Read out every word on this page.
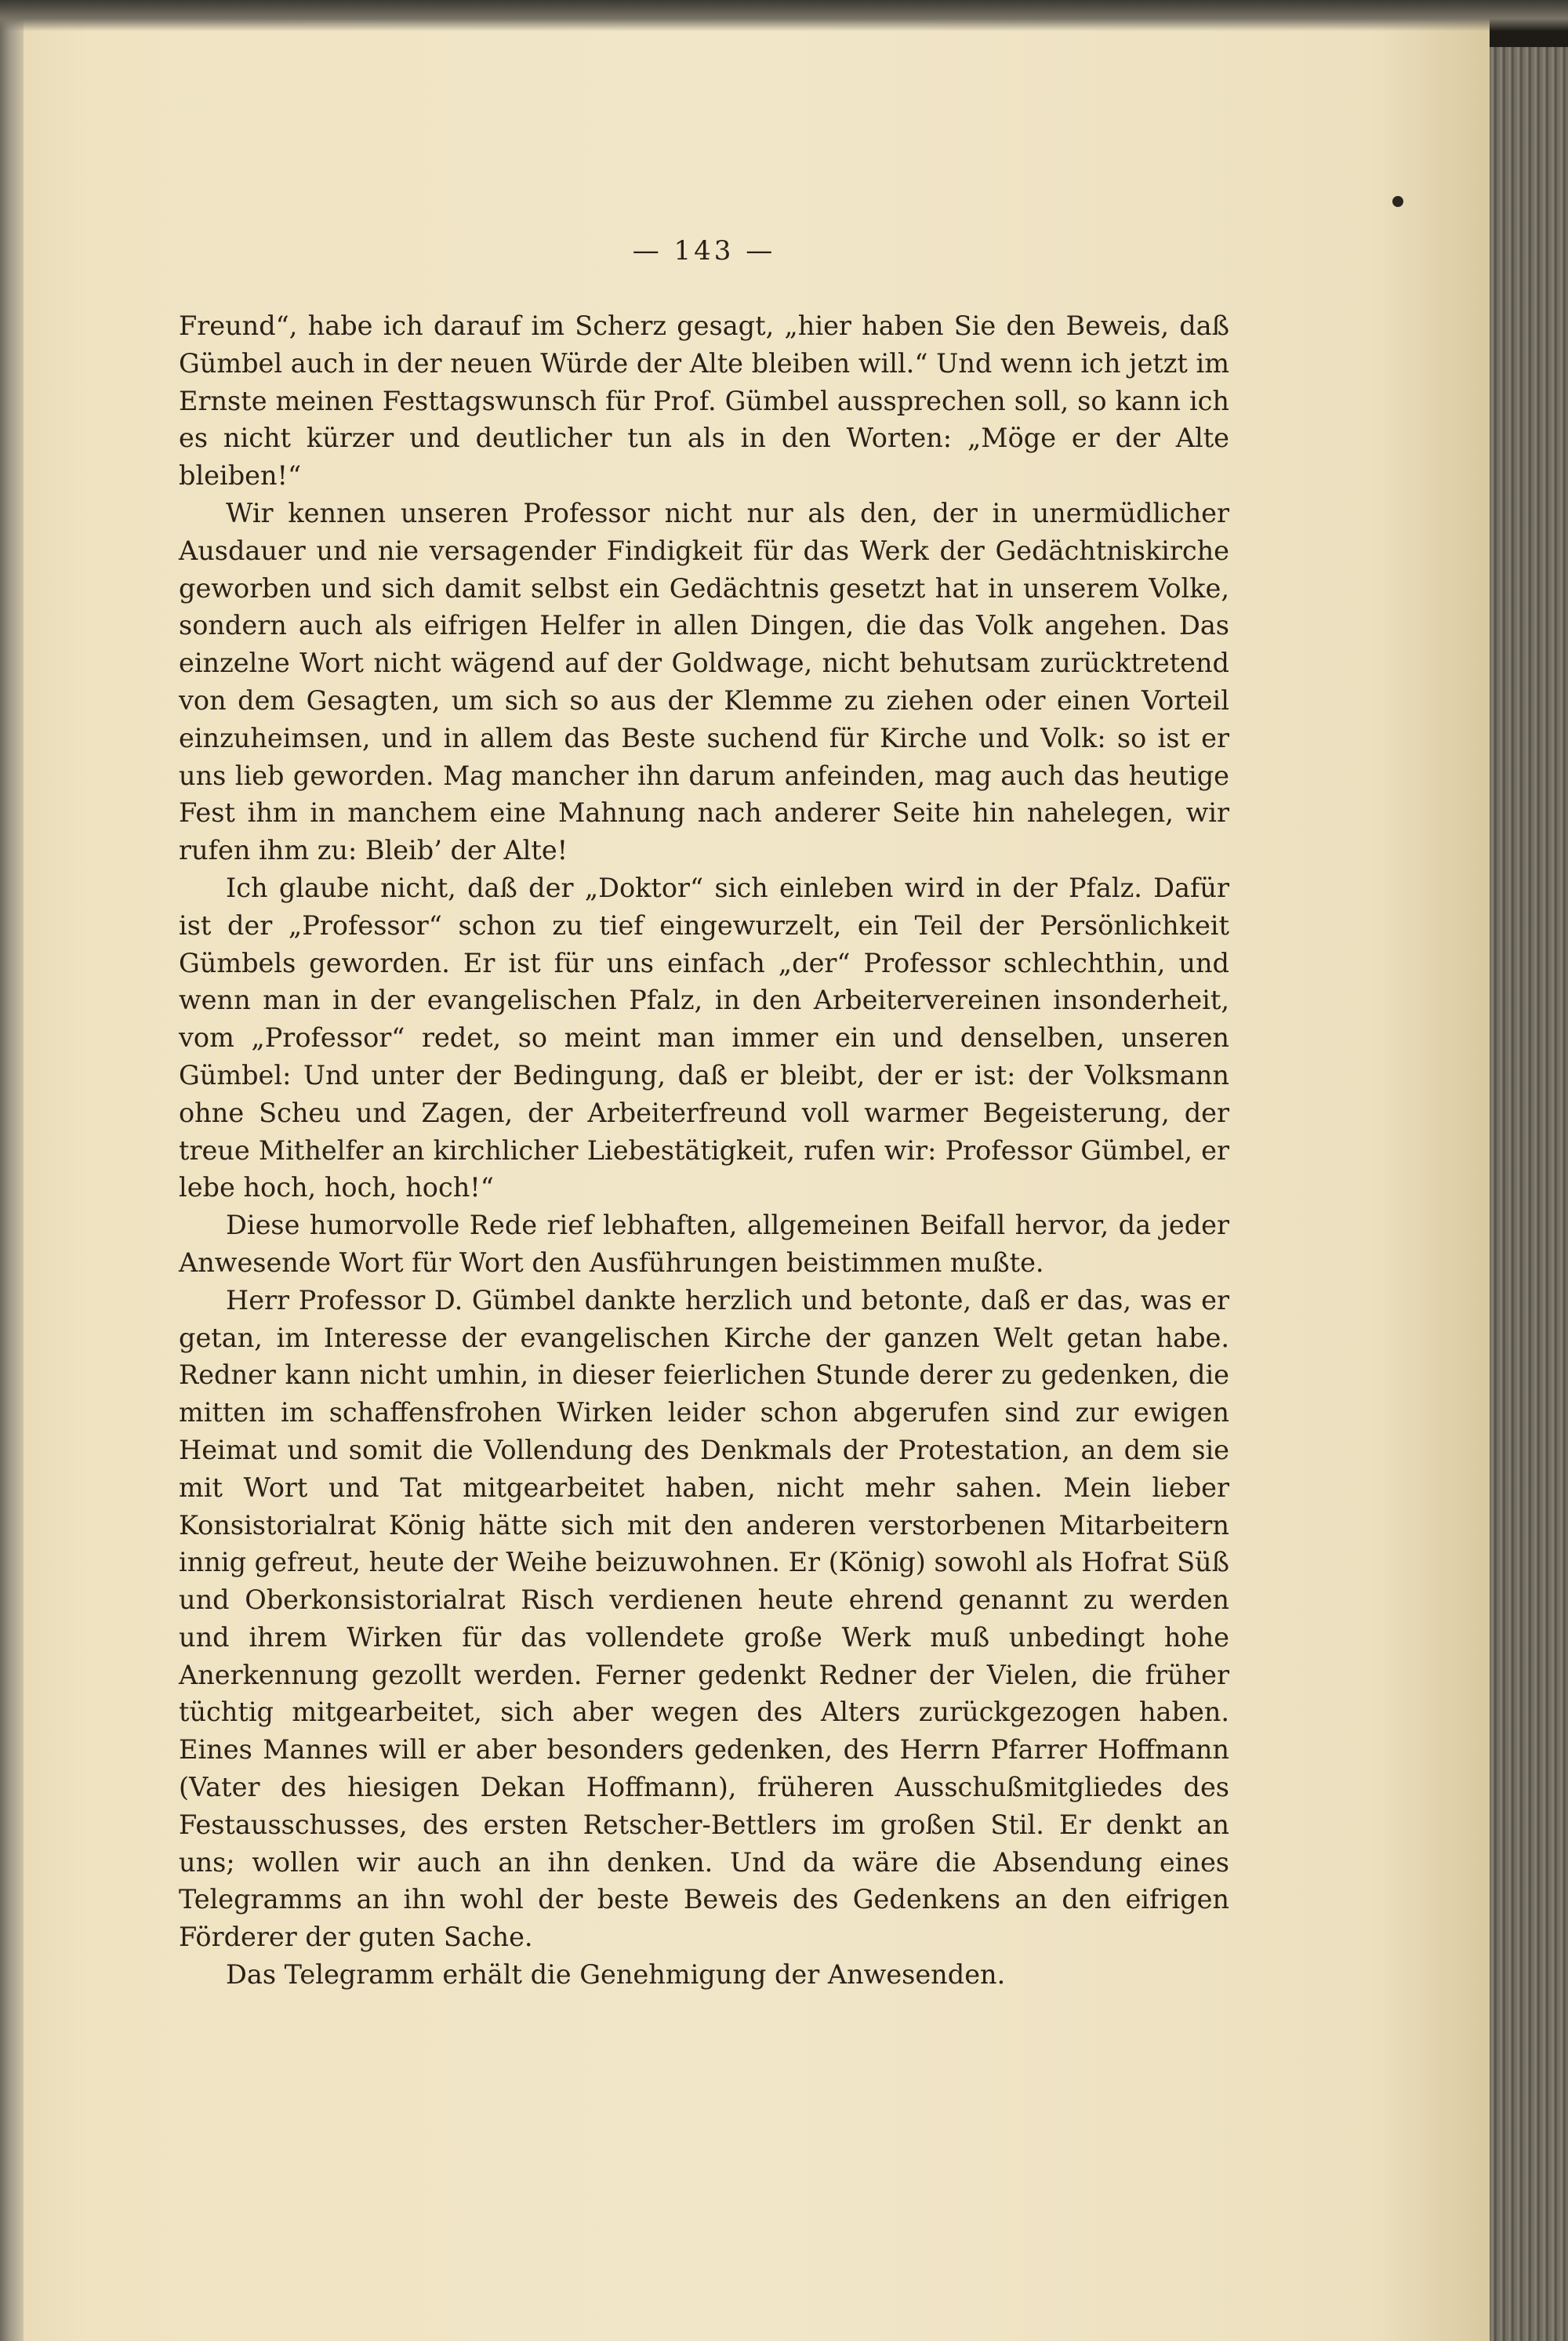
— 143 —

Freund“, habe ich darauf im Scherz gesagt, „hier haben Sie den Beweis, daß Gümbel auch in der neuen Würde der Alte bleiben will.“ Und wenn ich jetzt im Ernste meinen Festtagswunsch für Prof. Gümbel aussprechen soll, so kann ich es nicht kürzer und deutlicher tun als in den Worten: „Möge er der Alte bleiben!“

Wir kennen unseren Professor nicht nur als den, der in unermüdlicher Ausdauer und nie versagender Findigkeit für das Werk der Gedächtniskirche geworben und sich damit selbst ein Gedächtnis gesetzt hat in unserem Volke, sondern auch als eifrigen Helfer in allen Dingen, die das Volk angehen. Das einzelne Wort nicht wägend auf der Goldwage, nicht behutsam zurücktretend von dem Gesagten, um sich so aus der Klemme zu ziehen oder einen Vorteil einzuheimsen, und in allem das Beste suchend für Kirche und Volk: so ist er uns lieb geworden. Mag mancher ihn darum anfeinden, mag auch das heutige Fest ihm in manchem eine Mahnung nach anderer Seite hin nahelegen, wir rufen ihm zu: Bleib’ der Alte!

Ich glaube nicht, daß der „Doktor“ sich einleben wird in der Pfalz. Dafür ist der „Professor“ schon zu tief eingewurzelt, ein Teil der Persönlichkeit Gümbels geworden. Er ist für uns einfach „der“ Professor schlechthin, und wenn man in der evangelischen Pfalz, in den Arbeitervereinen insonderheit, vom „Professor“ redet, so meint man immer ein und denselben, unseren Gümbel: Und unter der Bedingung, daß er bleibt, der er ist: der Volksmann ohne Scheu und Zagen, der Arbeiterfreund voll warmer Begeisterung, der treue Mithelfer an kirchlicher Liebestätigkeit, rufen wir: Professor Gümbel, er lebe hoch, hoch, hoch!“

Diese humorvolle Rede rief lebhaften, allgemeinen Beifall hervor, da jeder Anwesende Wort für Wort den Ausführungen beistimmen mußte.

Herr Professor D. Gümbel dankte herzlich und betonte, daß er das, was er getan, im Interesse der evangelischen Kirche der ganzen Welt getan habe. Redner kann nicht umhin, in dieser feierlichen Stunde derer zu gedenken, die mitten im schaffensfrohen Wirken leider schon abgerufen sind zur ewigen Heimat und somit die Vollendung des Denkmals der Protestation, an dem sie mit Wort und Tat mitgearbeitet haben, nicht mehr sahen. Mein lieber Konsistorialrat König hätte sich mit den anderen verstorbenen Mitarbeitern innig gefreut, heute der Weihe beizuwohnen. Er (König) sowohl als Hofrat Süß und Oberkonsistorialrat Risch verdienen heute ehrend genannt zu werden und ihrem Wirken für das vollendete große Werk muß unbedingt hohe Anerkennung gezollt werden. Ferner gedenkt Redner der Vielen, die früher tüchtig mitgearbeitet, sich aber wegen des Alters zurückgezogen haben. Eines Mannes will er aber besonders gedenken, des Herrn Pfarrer Hoffmann (Vater des hiesigen Dekan Hoffmann), früheren Ausschußmitgliedes des Festausschusses, des ersten Retscher-Bettlers im großen Stil. Er denkt an uns; wollen wir auch an ihn denken. Und da wäre die Absendung eines Telegramms an ihn wohl der beste Beweis des Gedenkens an den eifrigen Förderer der guten Sache.

Das Telegramm erhält die Genehmigung der Anwesenden.
